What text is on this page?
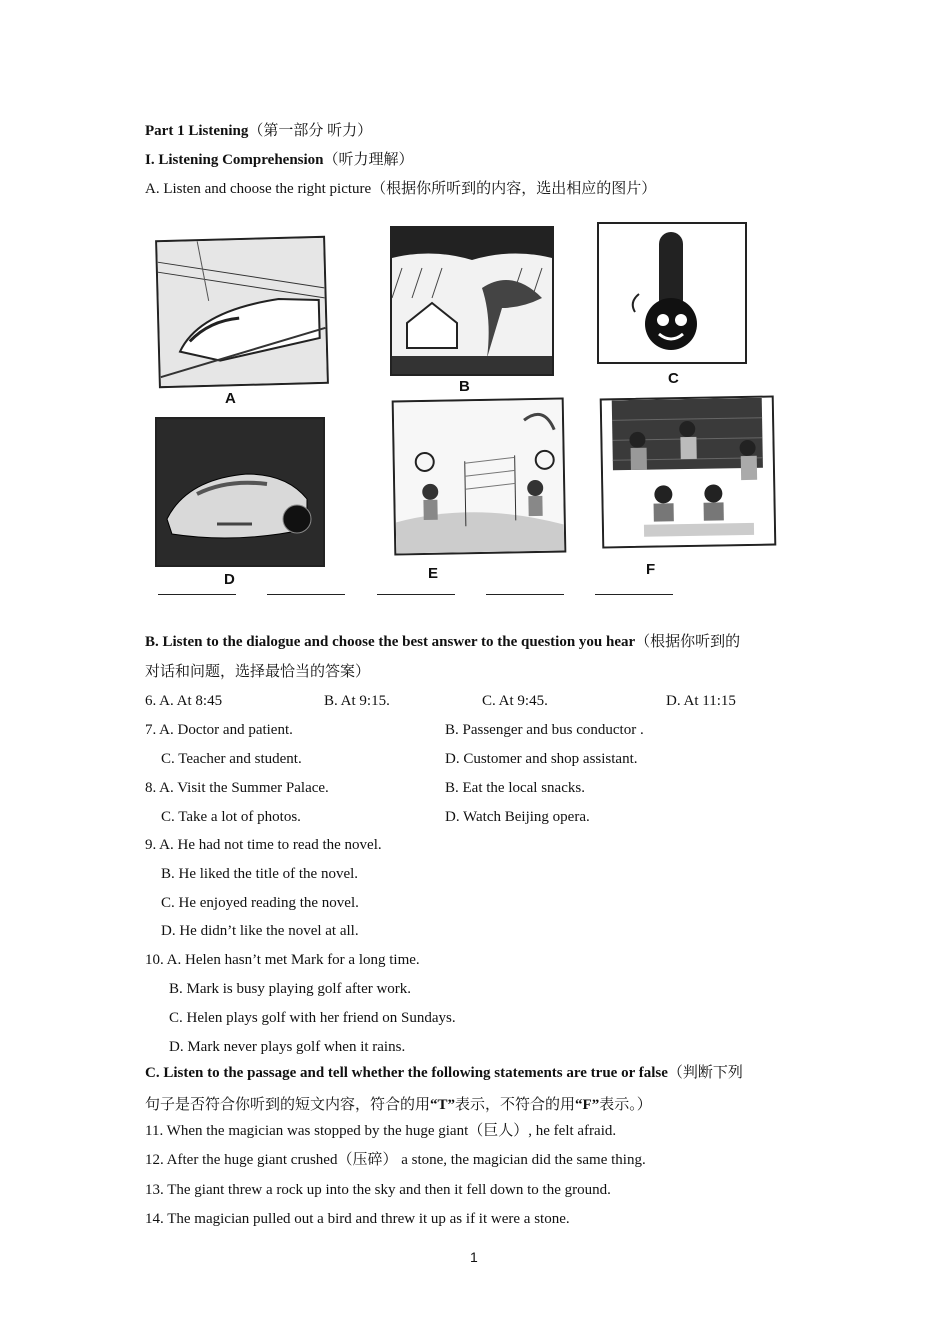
Part 1 Listening（第一部分 听力）
I. Listening Comprehension（听力理解）
A. Listen and choose the right picture（根据你所听到的内容，选出相应的图片）
A
B	C
D	E	F
B. Listen to the dialogue and choose the best answer to the question you hear（根据你听到的
对话和问题，选择最恰当的答案）
6. A. At 8:45	B. At 9:15.	C. At 9:45.	D. At 11:15
7. A. Doctor and patient.	B. Passenger and bus conductor .
C. Teacher and student.	D. Customer and shop assistant.
8. A. Visit the Summer Palace.	B. Eat the local snacks.
C. Take a lot of photos.	D. Watch Beijing opera.
9. A. He had not time to read the novel.
B. He liked the title of the novel.
C. He enjoyed reading the novel.
D. He didn’t like the novel at all.
10. A. Helen hasn’t met Mark for a long time.
B. Mark is busy playing golf after work.
C. Helen plays golf with her friend on Sundays.
D. Mark never plays golf when it rains.
C. Listen to the passage and tell whether the following statements are true or false（判断下列
句子是否符合你听到的短文内容，符合的用“T”表示，不符合的用“F”表示。）
11. When the magician was stopped by the huge giant（巨人）, he felt afraid.
12. After the huge giant crushed（压碎） a stone, the magician did the same thing.
13. The giant threw a rock up into the sky and then it fell down to the ground.
14. The magician pulled out a bird and threw it up as if it were a stone.
1
